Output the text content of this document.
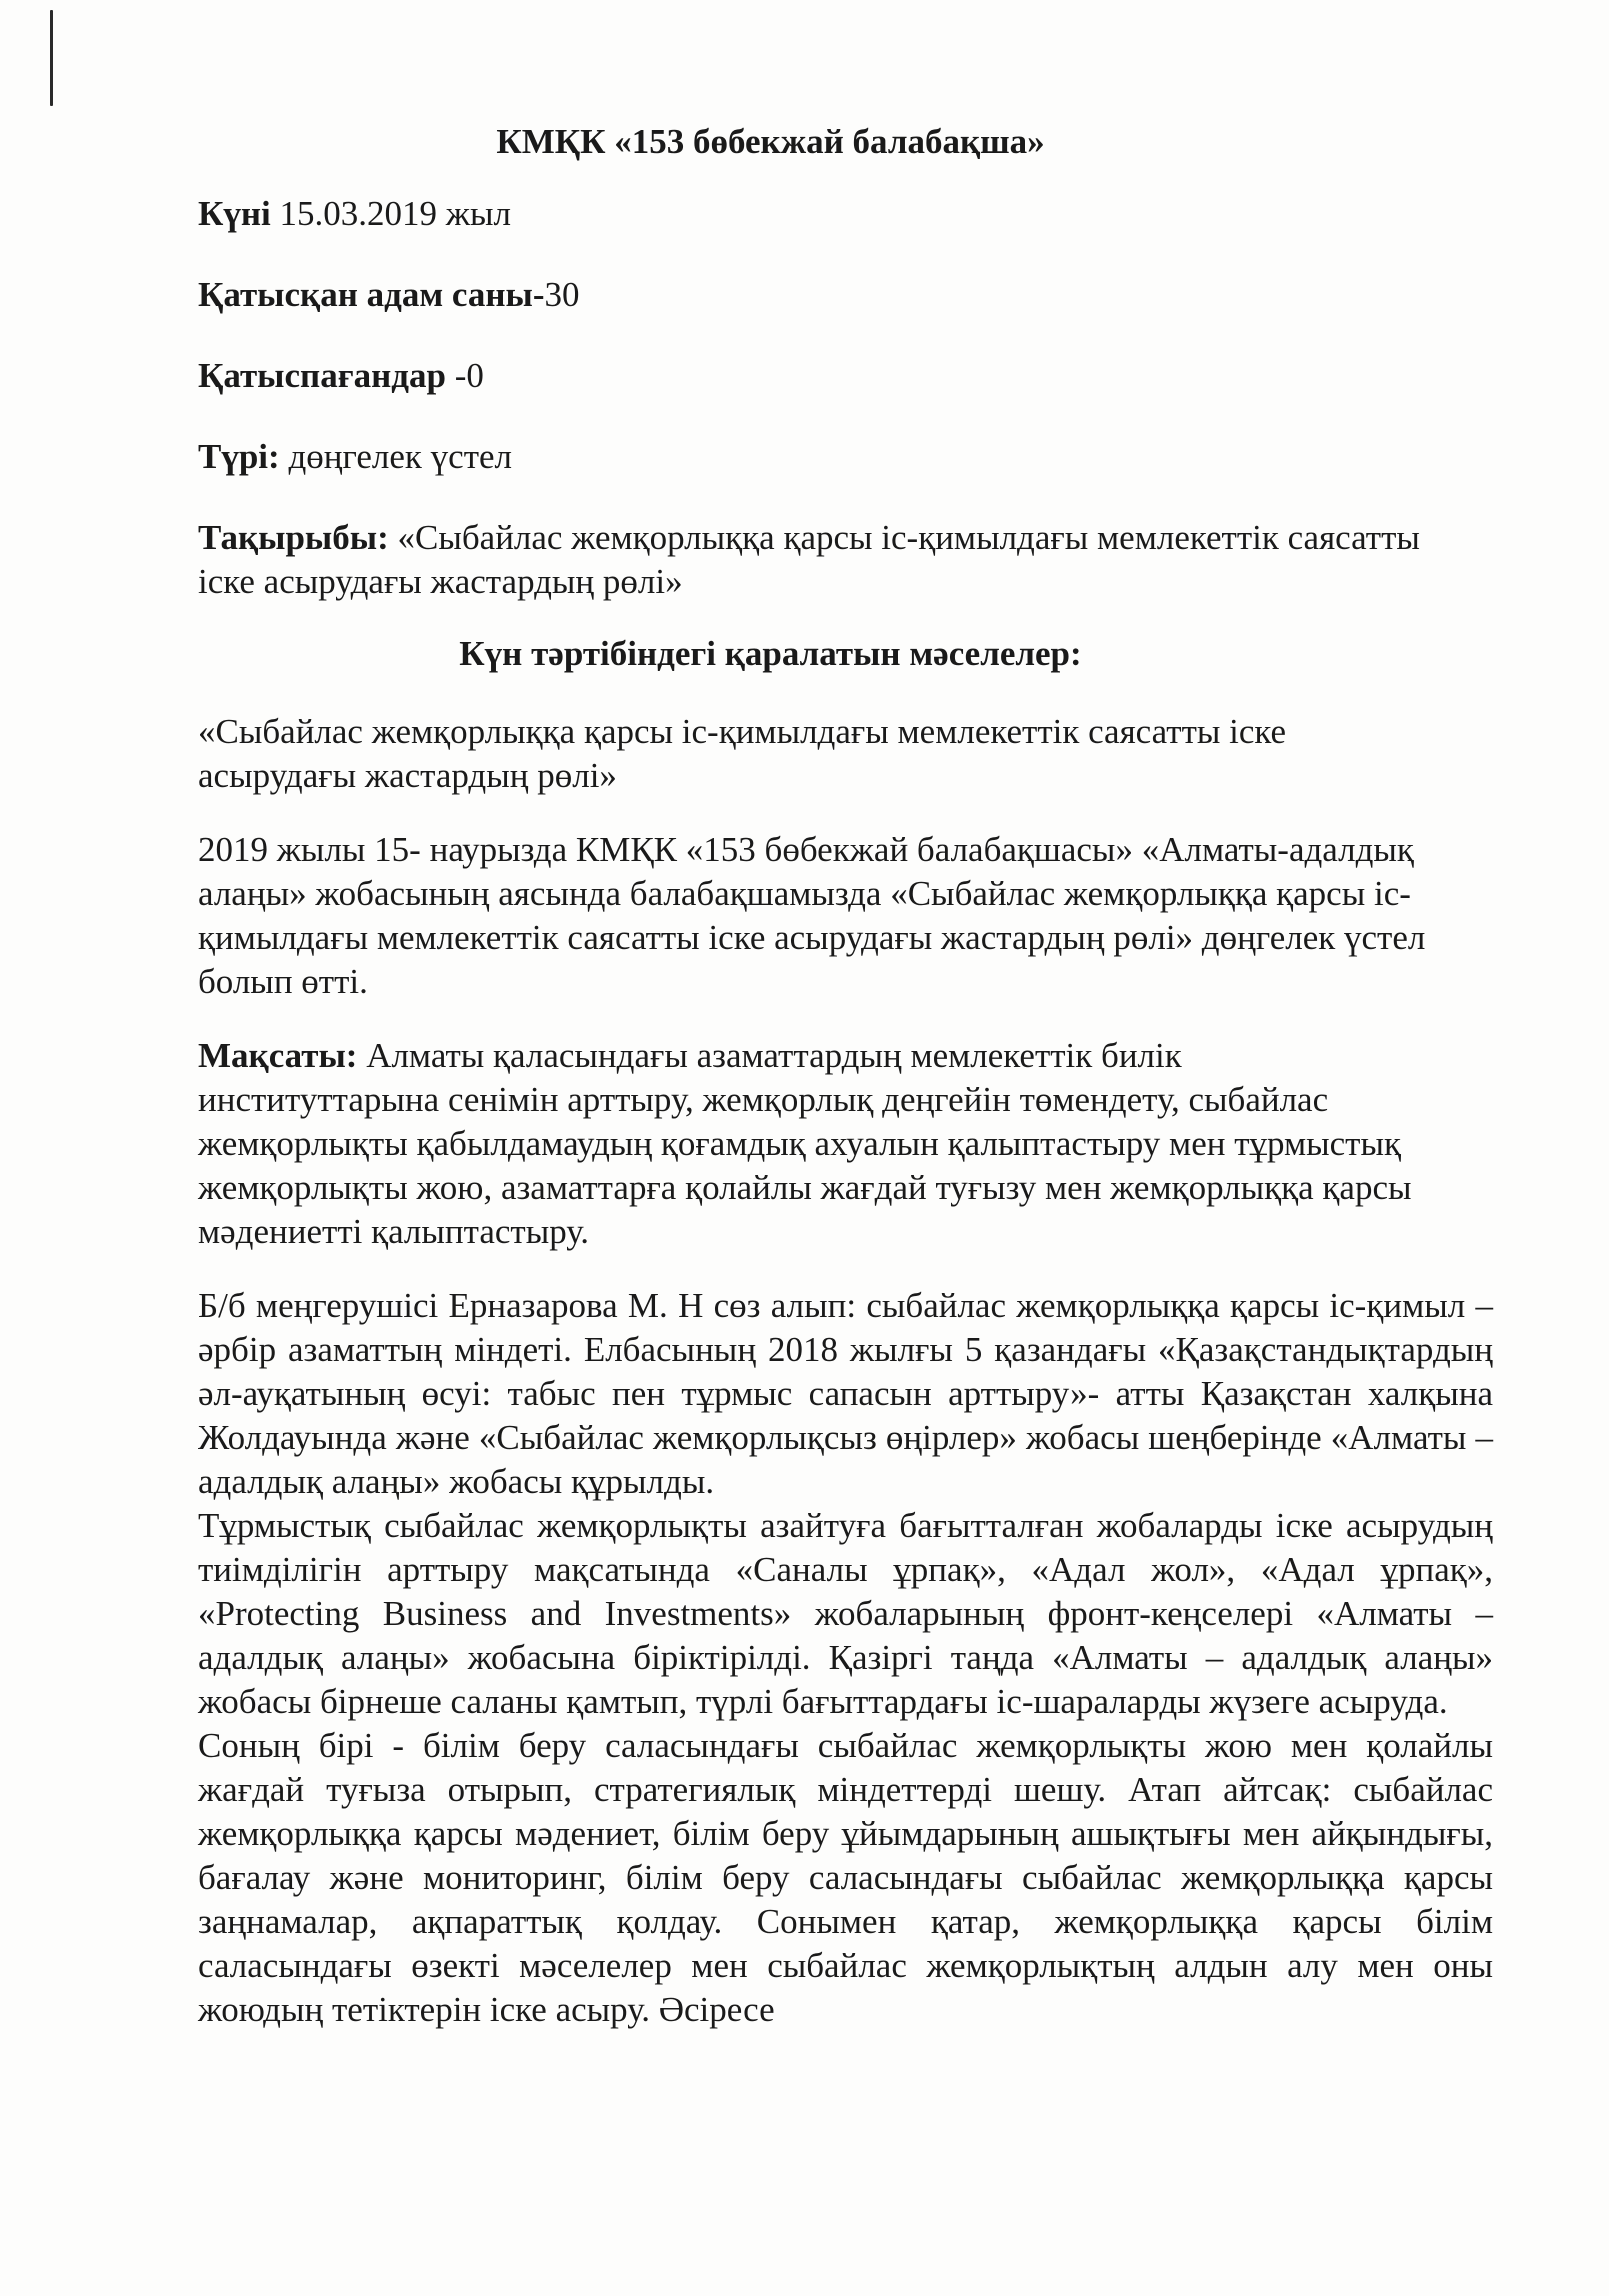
КМҚК «153 бөбекжай балабақша»
Күні 15.03.2019 жыл
Қатысқан адам саны-30
Қатыспағандар -0
Түрі: дөңгелек үстел
Тақырыбы: «Сыбайлас жемқорлыққа қарсы іс-қимылдағы мемлекеттік саясатты іске асырудағы жастардың рөлі»
Күн тәртібіндегі қаралатын мәселелер:
«Сыбайлас жемқорлыққа қарсы іс-қимылдағы мемлекеттік саясатты іске асырудағы жастардың рөлі»
2019 жылы 15- наурызда КМҚК «153 бөбекжай балабақшасы» «Алматы-адалдық алаңы» жобасының аясында балабақшамызда «Сыбайлас жемқорлыққа қарсы іс-қимылдағы мемлекеттік саясатты іске асырудағы жастардың рөлі» дөңгелек үстел болып өтті.
Мақсаты: Алматы қаласындағы азаматтардың мемлекеттік билік институттарына сенімін арттыру, жемқорлық деңгейін төмендету, сыбайлас жемқорлықты қабылдамаудың қоғамдық ахуалын қалыптастыру мен тұрмыстық жемқорлықты жою, азаматтарға қолайлы жағдай туғызу мен жемқорлыққа қарсы мәдениетті қалыптастыру.
Б/б меңгерушісі Ерназарова М. Н сөз алып: сыбайлас жемқорлыққа қарсы іс-қимыл – әрбір азаматтың міндеті. Елбасының 2018 жылғы 5 қазандағы «Қазақстандықтардың әл-ауқатының өсуі: табыс пен тұрмыс сапасын арттыру»- атты Қазақстан халқына Жолдауында және «Сыбайлас жемқорлықсыз өңірлер» жобасы шеңберінде «Алматы – адалдық алаңы» жобасы құрылды.
Тұрмыстық сыбайлас жемқорлықты азайтуға бағытталған жобаларды іске асырудың тиімділігін арттыру мақсатында «Саналы ұрпақ», «Адал жол», «Адал ұрпақ», «Protecting Business and Investments» жобаларының фронт-кеңселері «Алматы – адалдық алаңы» жобасына біріктірілді. Қазіргі таңда «Алматы – адалдық алаңы» жобасы бірнеше саланы қамтып, түрлі бағыттардағы іс-шараларды жүзеге асыруда.
Соның бірі - білім беру саласындағы сыбайлас жемқорлықты жою мен қолайлы жағдай туғыза отырып, стратегиялық міндеттерді шешу. Атап айтсақ: сыбайлас жемқорлыққа қарсы мәдениет, білім беру ұйымдарының ашықтығы мен айқындығы, бағалау және мониторинг, білім беру саласындағы сыбайлас жемқорлыққа қарсы заңнамалар, ақпараттық қолдау. Сонымен қатар, жемқорлыққа қарсы білім саласындағы өзекті мәселелер мен сыбайлас жемқорлықтың алдын алу мен оны жоюдың тетіктерін іске асыру. Әсіресе
